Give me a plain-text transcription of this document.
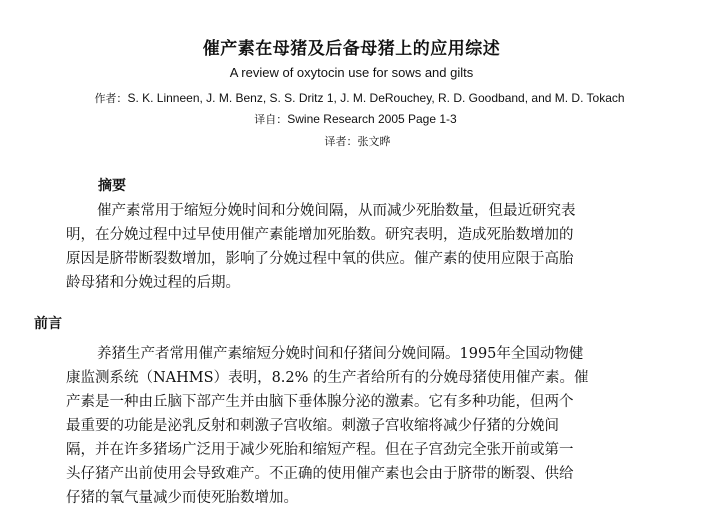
催产素在母猪及后备母猪上的应用综述
A review of oxytocin use for sows and gilts
作者：S. K. Linneen, J. M. Benz, S. S. Dritz 1, J. M. DeRouchey, R. D. Goodband, and M. D. Tokach
译自：Swine Research 2005 Page 1-3
译者：张文晔
摘要
催产素常用于缩短分娩时间和分娩间隔，从而减少死胎数量，但最近研究表
明，在分娩过程中过早使用催产素能增加死胎数。研究表明，造成死胎数增加的
原因是脐带断裂数增加，影响了分娩过程中氧的供应。催产素的使用应限于高胎
龄母猪和分娩过程的后期。
前言
养猪生产者常用催产素缩短分娩时间和仔猪间分娩间隔。1995年全国动物健
康监测系统（NAHMS）表明，8.2% 的生产者给所有的分娩母猪使用催产素。催
产素是一种由丘脑下部产生并由脑下垂体腺分泌的激素。它有多种功能，但两个
最重要的功能是泌乳反射和刺激子宫收缩。刺激子宫收缩将减少仔猪的分娩间
隔，并在许多猪场广泛用于减少死胎和缩短产程。但在子宫劲完全张开前或第一
头仔猪产出前使用会导致难产。不正确的使用催产素也会由于脐带的断裂、供给
仔猪的氧气量减少而使死胎数增加。
